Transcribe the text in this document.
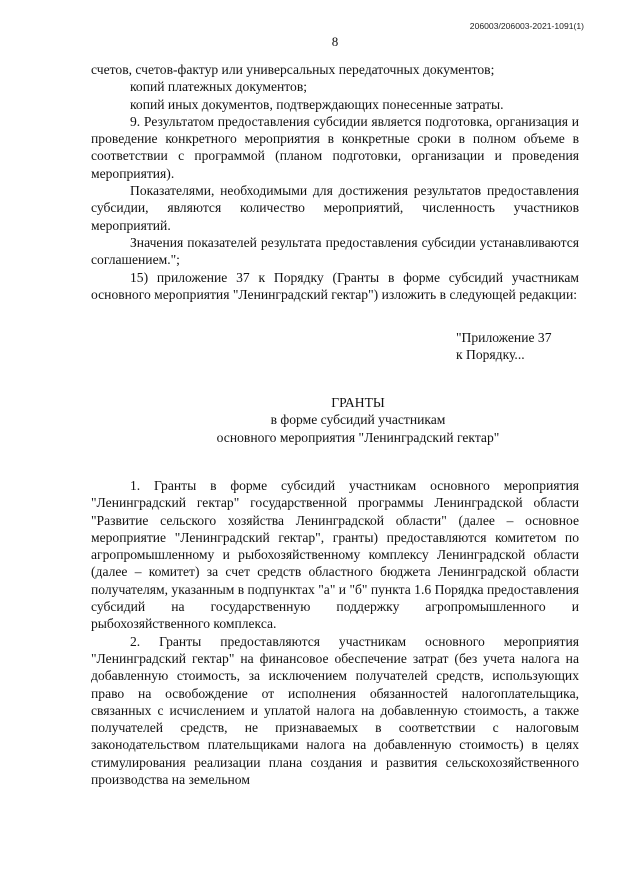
206003/206003-2021-1091(1)
8

счетов, счетов-фактур или универсальных передаточных документов;

копий платежных документов;

копий иных документов, подтверждающих понесенные затраты.

9. Результатом предоставления субсидии является подготовка, организация и проведение конкретного мероприятия в конкретные сроки в полном объеме в соответствии с программой (планом подготовки, организации и проведения мероприятия).

Показателями, необходимыми для достижения результатов предоставления субсидии, являются количество мероприятий, численность участников мероприятий.

Значения показателей результата предоставления субсидии устанавливаются соглашением.";

15) приложение 37 к Порядку (Гранты в форме субсидий участникам основного мероприятия "Ленинградский гектар") изложить в следующей редакции:

"Приложение 37
к Порядку...
ГРАНТЫ
в форме субсидий участникам
основного мероприятия "Ленинградский гектар"

1. Гранты в форме субсидий участникам основного мероприятия "Ленинградский гектар" государственной программы Ленинградской области "Развитие сельского хозяйства Ленинградской области" (далее – основное мероприятие "Ленинградский гектар", гранты) предоставляются комитетом по агропромышленному и рыбохозяйственному комплексу Ленинградской области (далее – комитет) за счет средств областного бюджета Ленинградской области получателям, указанным в подпунктах "а" и "б" пункта 1.6 Порядка предоставления субсидий на государственную поддержку агропромышленного и рыбохозяйственного комплекса.

2. Гранты предоставляются участникам основного мероприятия "Ленинградский гектар" на финансовое обеспечение затрат (без учета налога на добавленную стоимость, за исключением получателей средств, использующих право на освобождение от исполнения обязанностей налогоплательщика, связанных с исчислением и уплатой налога на добавленную стоимость, а также получателей средств, не признаваемых в соответствии с налоговым законодательством плательщиками налога на добавленную стоимость) в целях стимулирования реализации плана создания и развития сельскохозяйственного производства на земельном
